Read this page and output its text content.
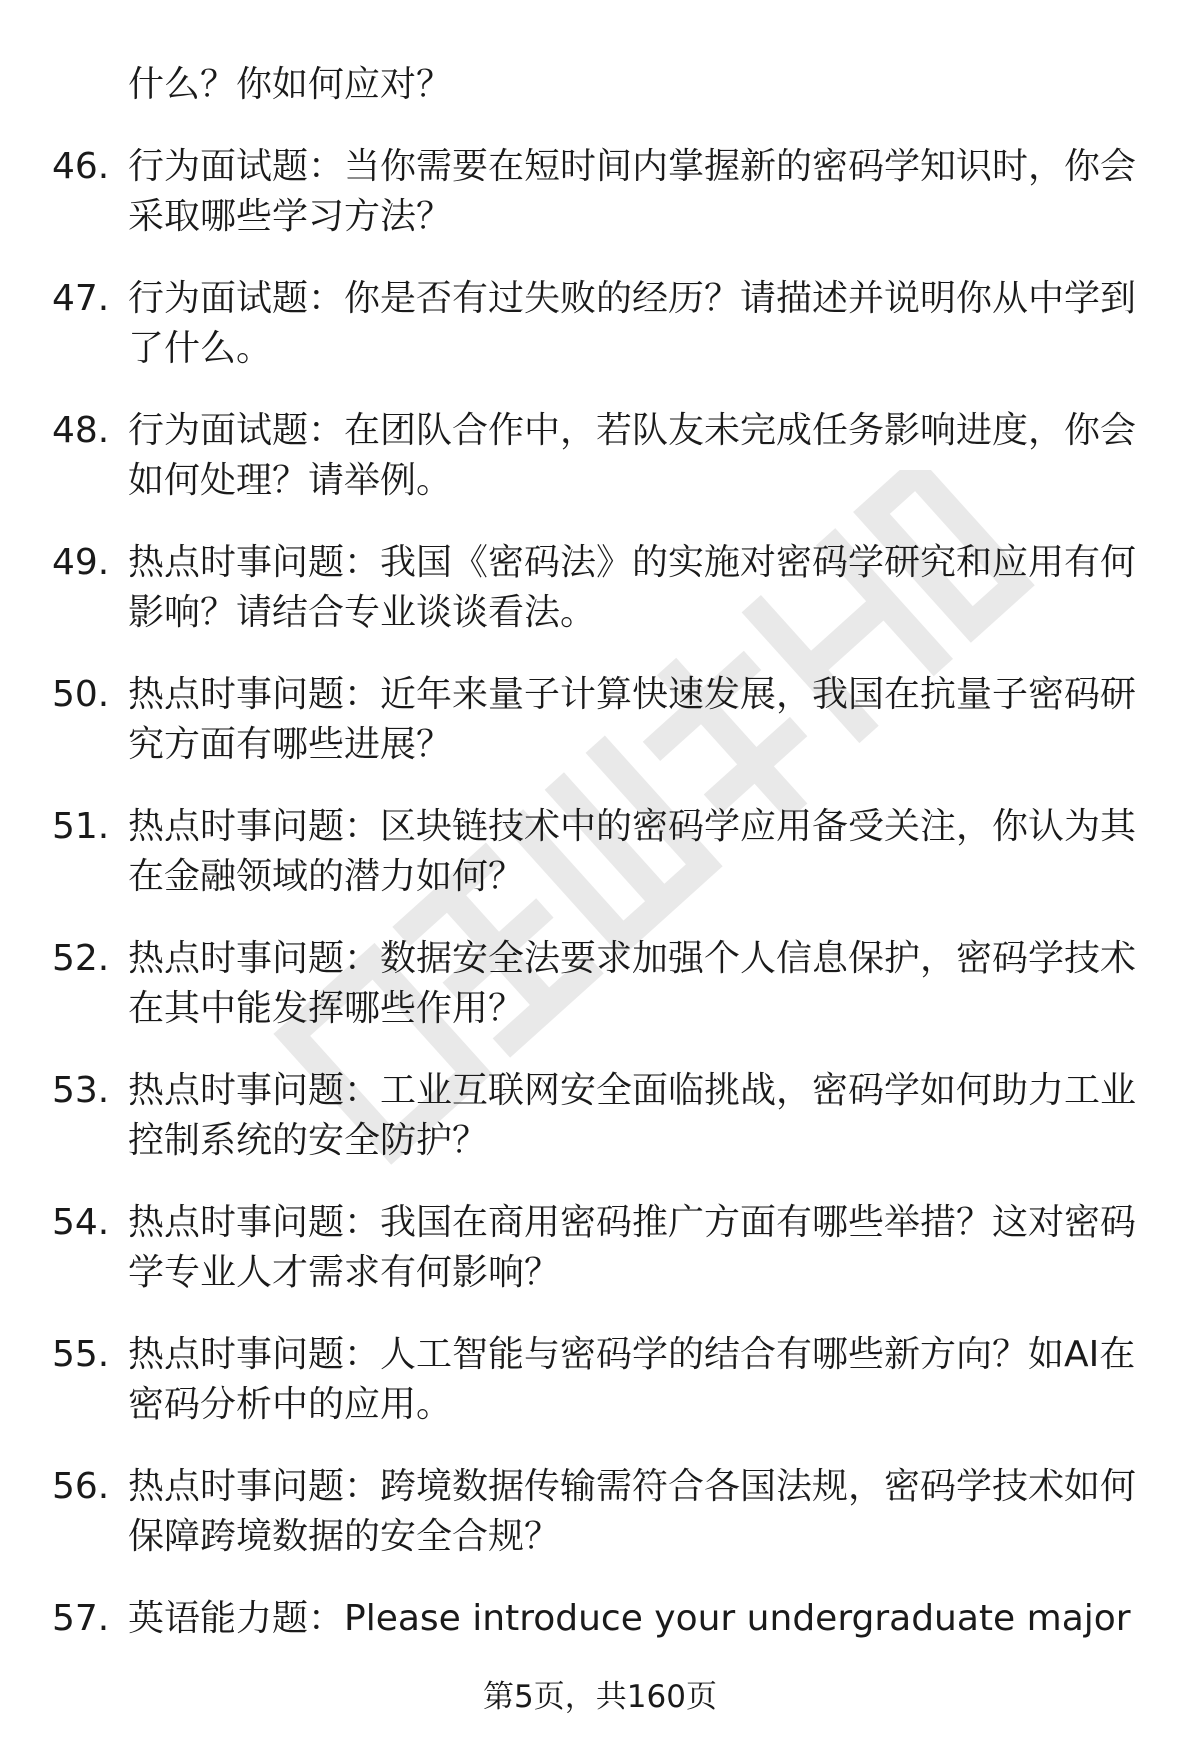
什么？你如何应对？
46. 行为面试题：当你需要在短时间内掌握新的密码学知识时，你会采取哪些学习方法？
47. 行为面试题：你是否有过失败的经历？请描述并说明你从中学到了什么。
48. 行为面试题：在团队合作中，若队友未完成任务影响进度，你会如何处理？请举例。
49. 热点时事问题：我国《密码法》的实施对密码学研究和应用有何影响？请结合专业谈谈看法。
50. 热点时事问题：近年来量子计算快速发展，我国在抗量子密码研究方面有哪些进展？
51. 热点时事问题：区块链技术中的密码学应用备受关注，你认为其在金融领域的潜力如何？
52. 热点时事问题：数据安全法要求加强个人信息保护，密码学技术在其中能发挥哪些作用？
53. 热点时事问题：工业互联网安全面临挑战，密码学如何助力工业控制系统的安全防护？
54. 热点时事问题：我国在商用密码推广方面有哪些举措？这对密码学专业人才需求有何影响？
55. 热点时事问题：人工智能与密码学的结合有哪些新方向？如AI在密码分析中的应用。
56. 热点时事问题：跨境数据传输需符合各国法规，密码学技术如何保障跨境数据的安全合规？
57. 英语能力题：Please introduce your undergraduate major
第5页，共160页
